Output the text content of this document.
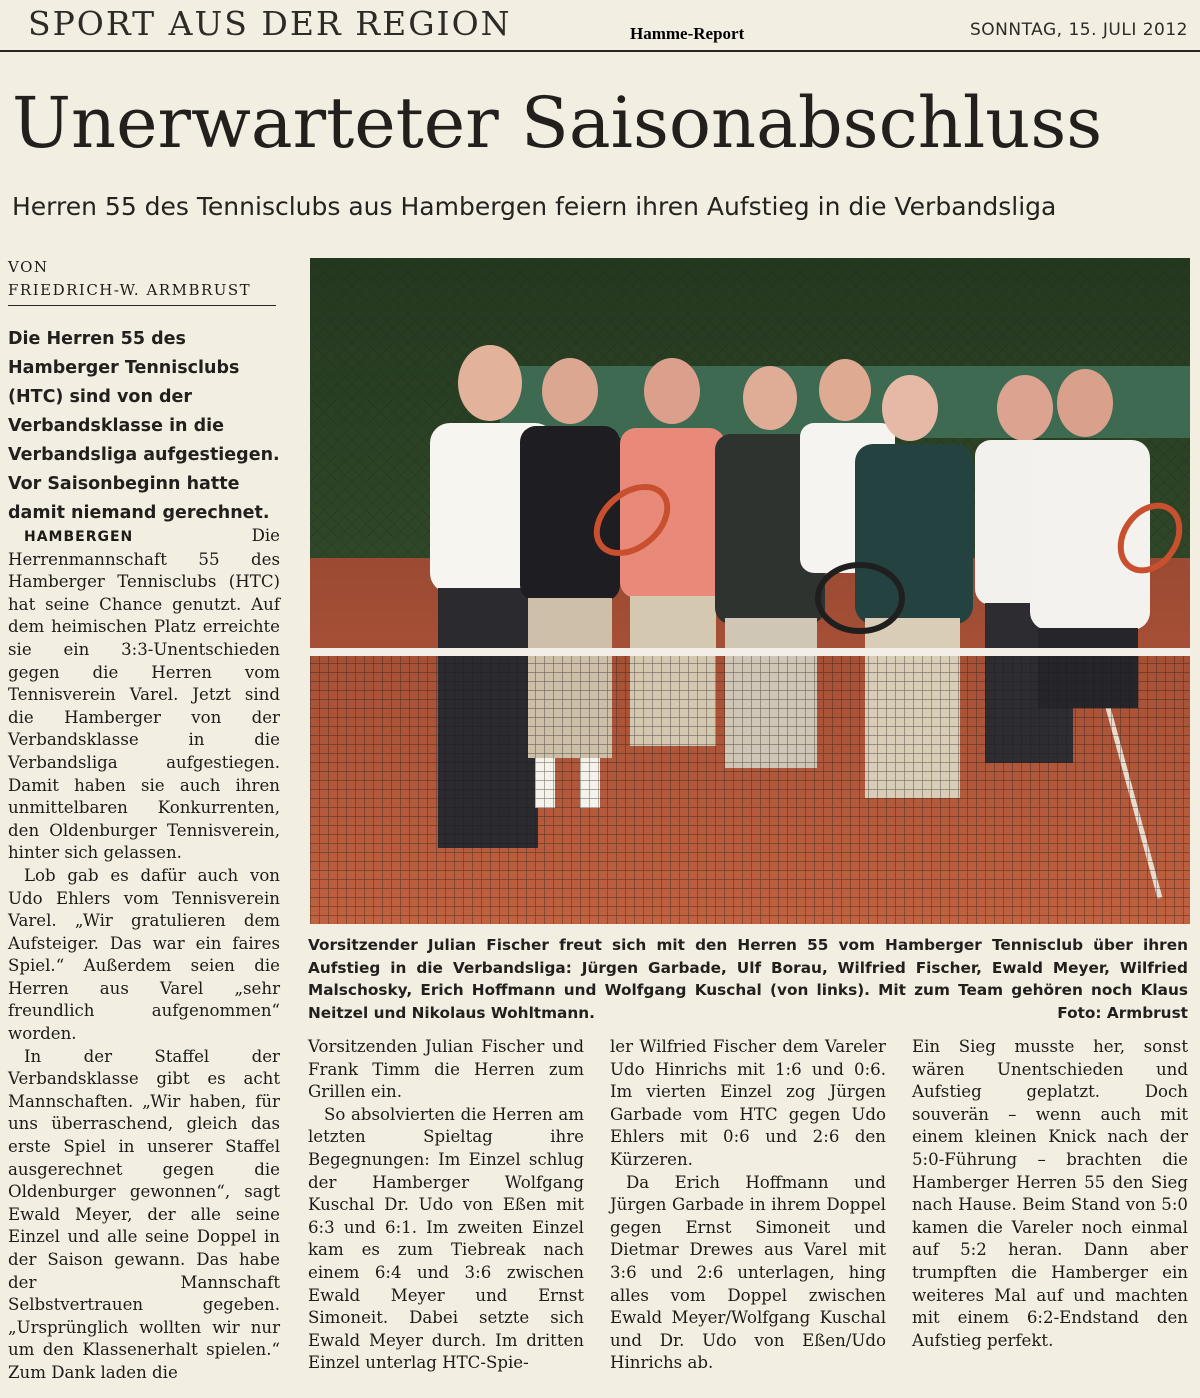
SPORT AUS DER REGION	Hamme-Report	SONNTAG, 15. JULI 2012
Unerwarteter Saisonabschluss
Herren 55 des Tennisclubs aus Hambergen feiern ihren Aufstieg in die Verbandsliga
VON
FRIEDRICH-W. ARMBRUST
Die Herren 55 des Hamberger Tennisclubs (HTC) sind von der Verbandsklasse in die Verbandsliga aufgestiegen. Vor Saisonbeginn hatte damit niemand gerechnet.

HAMBERGEN	Die Herrenmannschaft 55 des Hamberger Tennisclubs (HTC) hat seine Chance genutzt. Auf dem heimischen Platz erreichte sie ein 3:3-Unentschieden gegen die Herren vom Tennisverein Varel. Jetzt sind die Hamberger von der Verbandsklasse in die Verbandsliga aufgestiegen. Damit haben sie auch ihren unmittelbaren Konkurrenten, den Oldenburger Tennisverein, hinter sich gelassen.

Lob gab es dafür auch von Udo Ehlers vom Tennisverein Varel. „Wir gratulieren dem Aufsteiger. Das war ein faires Spiel.“ Außerdem seien die Herren aus Varel „sehr freundlich aufgenommen“ worden.

In der Staffel der Verbandsklasse gibt es acht Mannschaften. „Wir haben, für uns überraschend, gleich das erste Spiel in unserer Staffel ausgerechnet gegen die Oldenburger gewonnen“, sagt Ewald Meyer, der alle seine Einzel und alle seine Doppel in der Saison gewann. Das habe der Mannschaft Selbstvertrauen gegeben. „Ursprünglich wollten wir nur um den Klassenerhalt spielen.“ Zum Dank laden die

Vorsitzender Julian Fischer freut sich mit den Herren 55 vom Hamberger Tennisclub über ihren Aufstieg in die Verbandsliga: Jürgen Garbade, Ulf Borau, Wilfried Fischer, Ewald Meyer, Wilfried Malschosky, Erich Hoffmann und Wolfgang Kuschal (von links). Mit zum Team gehören noch Klaus Neitzel und Nikolaus Wohltmann.	Foto: Armbrust

Vorsitzenden Julian Fischer und Frank Timm die Herren zum Grillen ein.

So absolvierten die Herren am letzten Spieltag ihre Begegnungen: Im Einzel schlug der Hamberger Wolfgang Kuschal Dr. Udo von Eßen mit 6:3 und 6:1. Im zweiten Einzel kam es zum Tiebreak nach einem 6:4 und 3:6 zwischen Ewald Meyer und Ernst Simoneit. Dabei setzte sich Ewald Meyer durch. Im dritten Einzel unterlag HTC-Spie-

ler Wilfried Fischer dem Vareler Udo Hinrichs mit 1:6 und 0:6. Im vierten Einzel zog Jürgen Garbade vom HTC gegen Udo Ehlers mit 0:6 und 2:6 den Kürzeren.

Da Erich Hoffmann und Jürgen Garbade in ihrem Doppel gegen Ernst Simoneit und Dietmar Drewes aus Varel mit 3:6 und 2:6 unterlagen, hing alles vom Doppel zwischen Ewald Meyer/Wolfgang Kuschal und Dr. Udo von Eßen/Udo Hinrichs ab.

Ein Sieg musste her, sonst wären Unentschieden und Aufstieg geplatzt. Doch souverän – wenn auch mit einem kleinen Knick nach der 5:0-Führung – brachten die Hamberger Herren 55 den Sieg nach Hause. Beim Stand von 5:0 kamen die Vareler noch einmal auf 5:2 heran. Dann aber trumpften die Hamberger ein weiteres Mal auf und machten mit einem 6:2-Endstand den Aufstieg perfekt.
